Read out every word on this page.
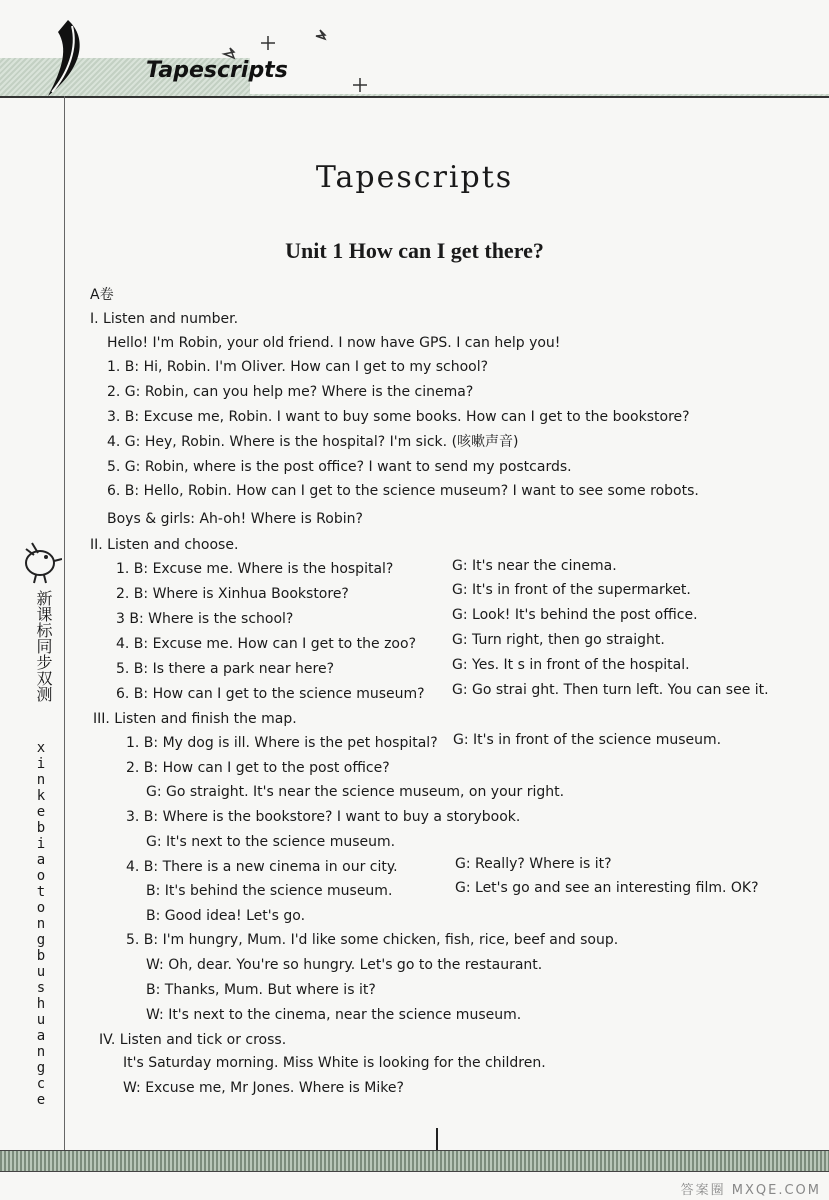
Tapescripts
新课标同步双测
xinkebiaotongbushuangce
Tapescripts
Unit 1 How can I get there?
A卷
I. Listen and number.
Hello! I'm Robin, your old friend. I now have GPS. I can help you!
1. B: Hi, Robin. I'm Oliver. How can I get to my school?
2. G: Robin, can you help me? Where is the cinema?
3. B: Excuse me, Robin. I want to buy some books. How can I get to the bookstore?
4. G: Hey, Robin. Where is the hospital? I'm sick. (咳嗽声音)
5. G: Robin, where is the post office? I want to send my postcards.
6. B: Hello, Robin. How can I get to the science museum? I want to see some robots.
Boys & girls: Ah-oh! Where is Robin?
II. Listen and choose.
1. B: Excuse me. Where is the hospital?	G: It's near the cinema.
2. B: Where is Xinhua Bookstore?	G: It's in front of the supermarket.
3 B: Where is the school?	G: Look! It's behind the post office.
4. B: Excuse me. How can I get to the zoo?	G: Turn right, then go straight.
5. B: Is there a park near here?	G: Yes. It s in front of the hospital.
6. B: How can I get to the science museum? G: Go strai ght. Then turn left. You can see it.
III. Listen and finish the map.
1. B: My dog is ill. Where is the pet hospital? G: It's in front of the science museum.
2. B: How can I get to the post office?
G: Go straight. It's near the science museum, on your right.
3. B: Where is the bookstore? I want to buy a storybook.
G: It's next to the science museum.
4. B: There is a new cinema in our city.	G: Really? Where is it?
B: It's behind the science museum.	G: Let's go and see an interesting film. OK?
B: Good idea! Let's go.
5. B: I'm hungry, Mum. I'd like some chicken, fish, rice, beef and soup.
W: Oh, dear. You're so hungry. Let's go to the restaurant.
B: Thanks, Mum. But where is it?
W: It's next to the cinema, near the science museum.
IV. Listen and tick or cross.
It's Saturday morning. Miss White is looking for the children.
W: Excuse me, Mr Jones. Where is Mike?
答案圈 MXQE.COM
